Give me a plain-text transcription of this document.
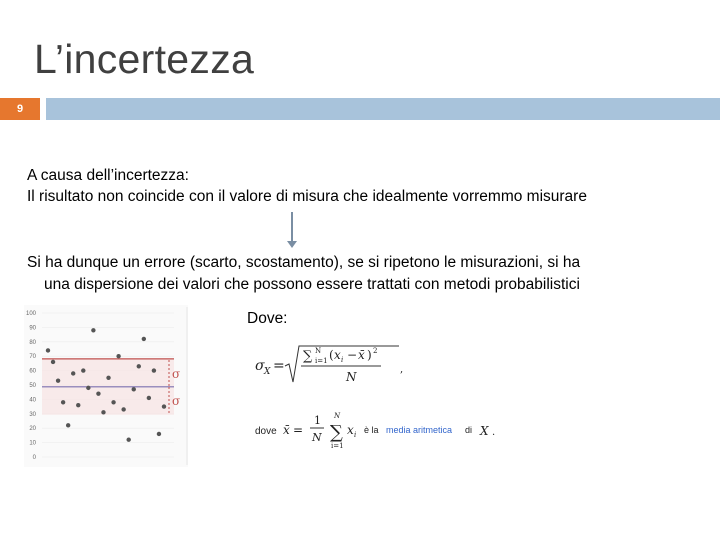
L’incertezza
9
A causa dell’incertezza:
Il risultato non coincide con il valore di misura che idealmente vorremmo misurare
Si ha dunque un errore (scarto, scostamento), se si ripetono le misurazioni, si ha
una dispersione dei valori che possono essere trattati con metodi probabilistici
Dove:
100
90
80
70
60
50
40
30
20
10
0
σ
σ
σ X =
∑ N
i=1 ( x i − x̄ ) 2
N
,
dove x̄ =
1
N ∑
N
i=1
x i è la media aritmetica di X .
